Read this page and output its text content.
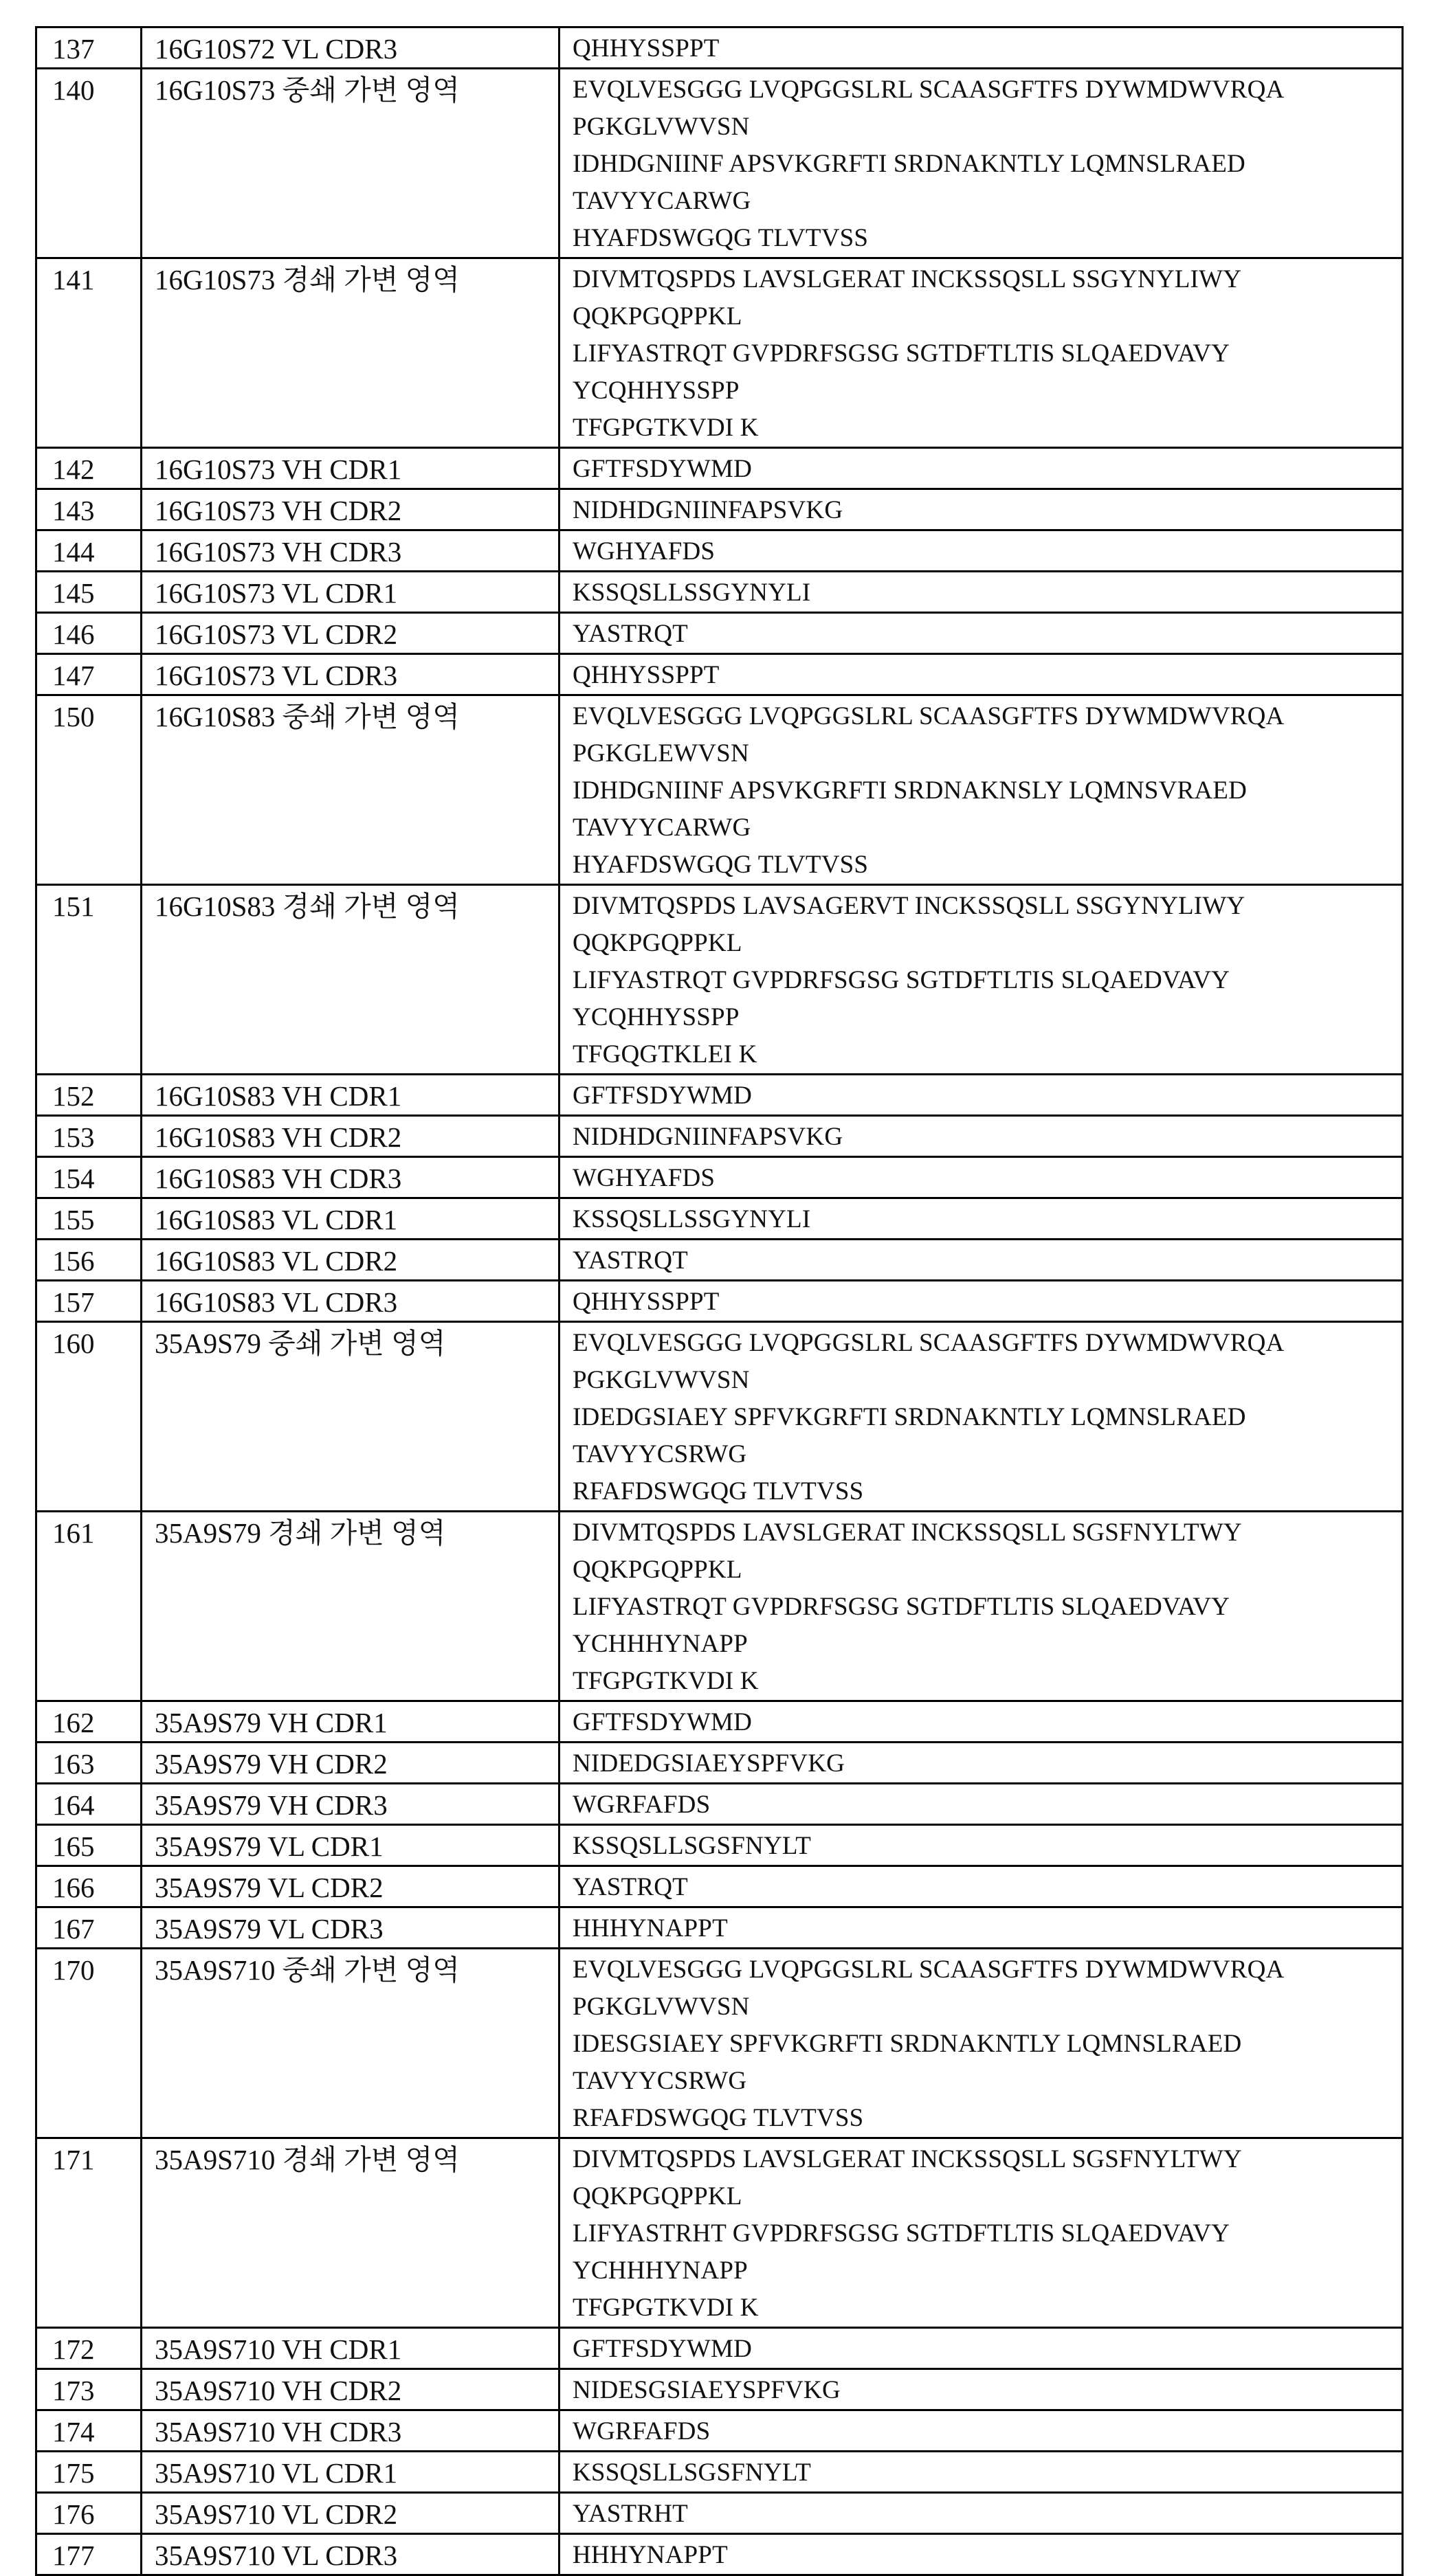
137	16G10S72 VL CDR3	QHHYSSPPT

140	16G10S73 중쇄 가변 영역	EVQLVESGGG LVQPGGSLRL SCAASGFTFS DYWMDWVRQA PGKGLVWVSN
IDHDGNIINF APSVKGRFTI SRDNAKNTLY LQMNSLRAED TAVYYCARWG
HYAFDSWGQG TLVTVSS

141	16G10S73 경쇄 가변 영역	DIVMTQSPDS LAVSLGERAT INCKSSQSLL SSGYNYLIWY QQKPGQPPKL
LIFYASTRQT GVPDRFSGSG SGTDFTLTIS SLQAEDVAVY YCQHHYSSPP
TFGPGTKVDI K

142	16G10S73 VH CDR1	GFTFSDYWMD

143	16G10S73 VH CDR2	NIDHDGNIINFAPSVKG

144	16G10S73 VH CDR3	WGHYAFDS

145	16G10S73 VL CDR1	KSSQSLLSSGYNYLI

146	16G10S73 VL CDR2	YASTRQT

147	16G10S73 VL CDR3	QHHYSSPPT

150	16G10S83 중쇄 가변 영역	EVQLVESGGG LVQPGGSLRL SCAASGFTFS DYWMDWVRQA PGKGLEWVSN
IDHDGNIINF APSVKGRFTI SRDNAKNSLY LQMNSVRAED TAVYYCARWG
HYAFDSWGQG TLVTVSS

151	16G10S83 경쇄 가변 영역	DIVMTQSPDS LAVSAGERVT INCKSSQSLL SSGYNYLIWY QQKPGQPPKL
LIFYASTRQT GVPDRFSGSG SGTDFTLTIS SLQAEDVAVY YCQHHYSSPP
TFGQGTKLEI K

152	16G10S83 VH CDR1	GFTFSDYWMD

153	16G10S83 VH CDR2	NIDHDGNIINFAPSVKG

154	16G10S83 VH CDR3	WGHYAFDS

155	16G10S83 VL CDR1	KSSQSLLSSGYNYLI

156	16G10S83 VL CDR2	YASTRQT

157	16G10S83 VL CDR3	QHHYSSPPT

160	35A9S79 중쇄 가변 영역	EVQLVESGGG LVQPGGSLRL SCAASGFTFS DYWMDWVRQA PGKGLVWVSN
IDEDGSIAEY SPFVKGRFTI SRDNAKNTLY LQMNSLRAED TAVYYCSRWG
RFAFDSWGQG TLVTVSS

161	35A9S79 경쇄 가변 영역	DIVMTQSPDS LAVSLGERAT INCKSSQSLL SGSFNYLTWY QQKPGQPPKL
LIFYASTRQT GVPDRFSGSG SGTDFTLTIS SLQAEDVAVY YCHHHYNAPP
TFGPGTKVDI K

162	35A9S79 VH CDR1	GFTFSDYWMD

163	35A9S79 VH CDR2	NIDEDGSIAEYSPFVKG

164	35A9S79 VH CDR3	WGRFAFDS

165	35A9S79 VL CDR1	KSSQSLLSGSFNYLT

166	35A9S79 VL CDR2	YASTRQT

167	35A9S79 VL CDR3	HHHYNAPPT

170	35A9S710 중쇄 가변 영역	EVQLVESGGG LVQPGGSLRL SCAASGFTFS DYWMDWVRQA PGKGLVWVSN
IDESGSIAEY SPFVKGRFTI SRDNAKNTLY LQMNSLRAED TAVYYCSRWG
RFAFDSWGQG TLVTVSS

171	35A9S710 경쇄 가변 영역	DIVMTQSPDS LAVSLGERAT INCKSSQSLL SGSFNYLTWY QQKPGQPPKL
LIFYASTRHT GVPDRFSGSG SGTDFTLTIS SLQAEDVAVY YCHHHYNAPP
TFGPGTKVDI K

172	35A9S710 VH CDR1	GFTFSDYWMD

173	35A9S710 VH CDR2	NIDESGSIAEYSPFVKG

174	35A9S710 VH CDR3	WGRFAFDS

175	35A9S710 VL CDR1	KSSQSLLSGSFNYLT

176	35A9S710 VL CDR2	YASTRHT

177	35A9S710 VL CDR3	HHHYNAPPT
